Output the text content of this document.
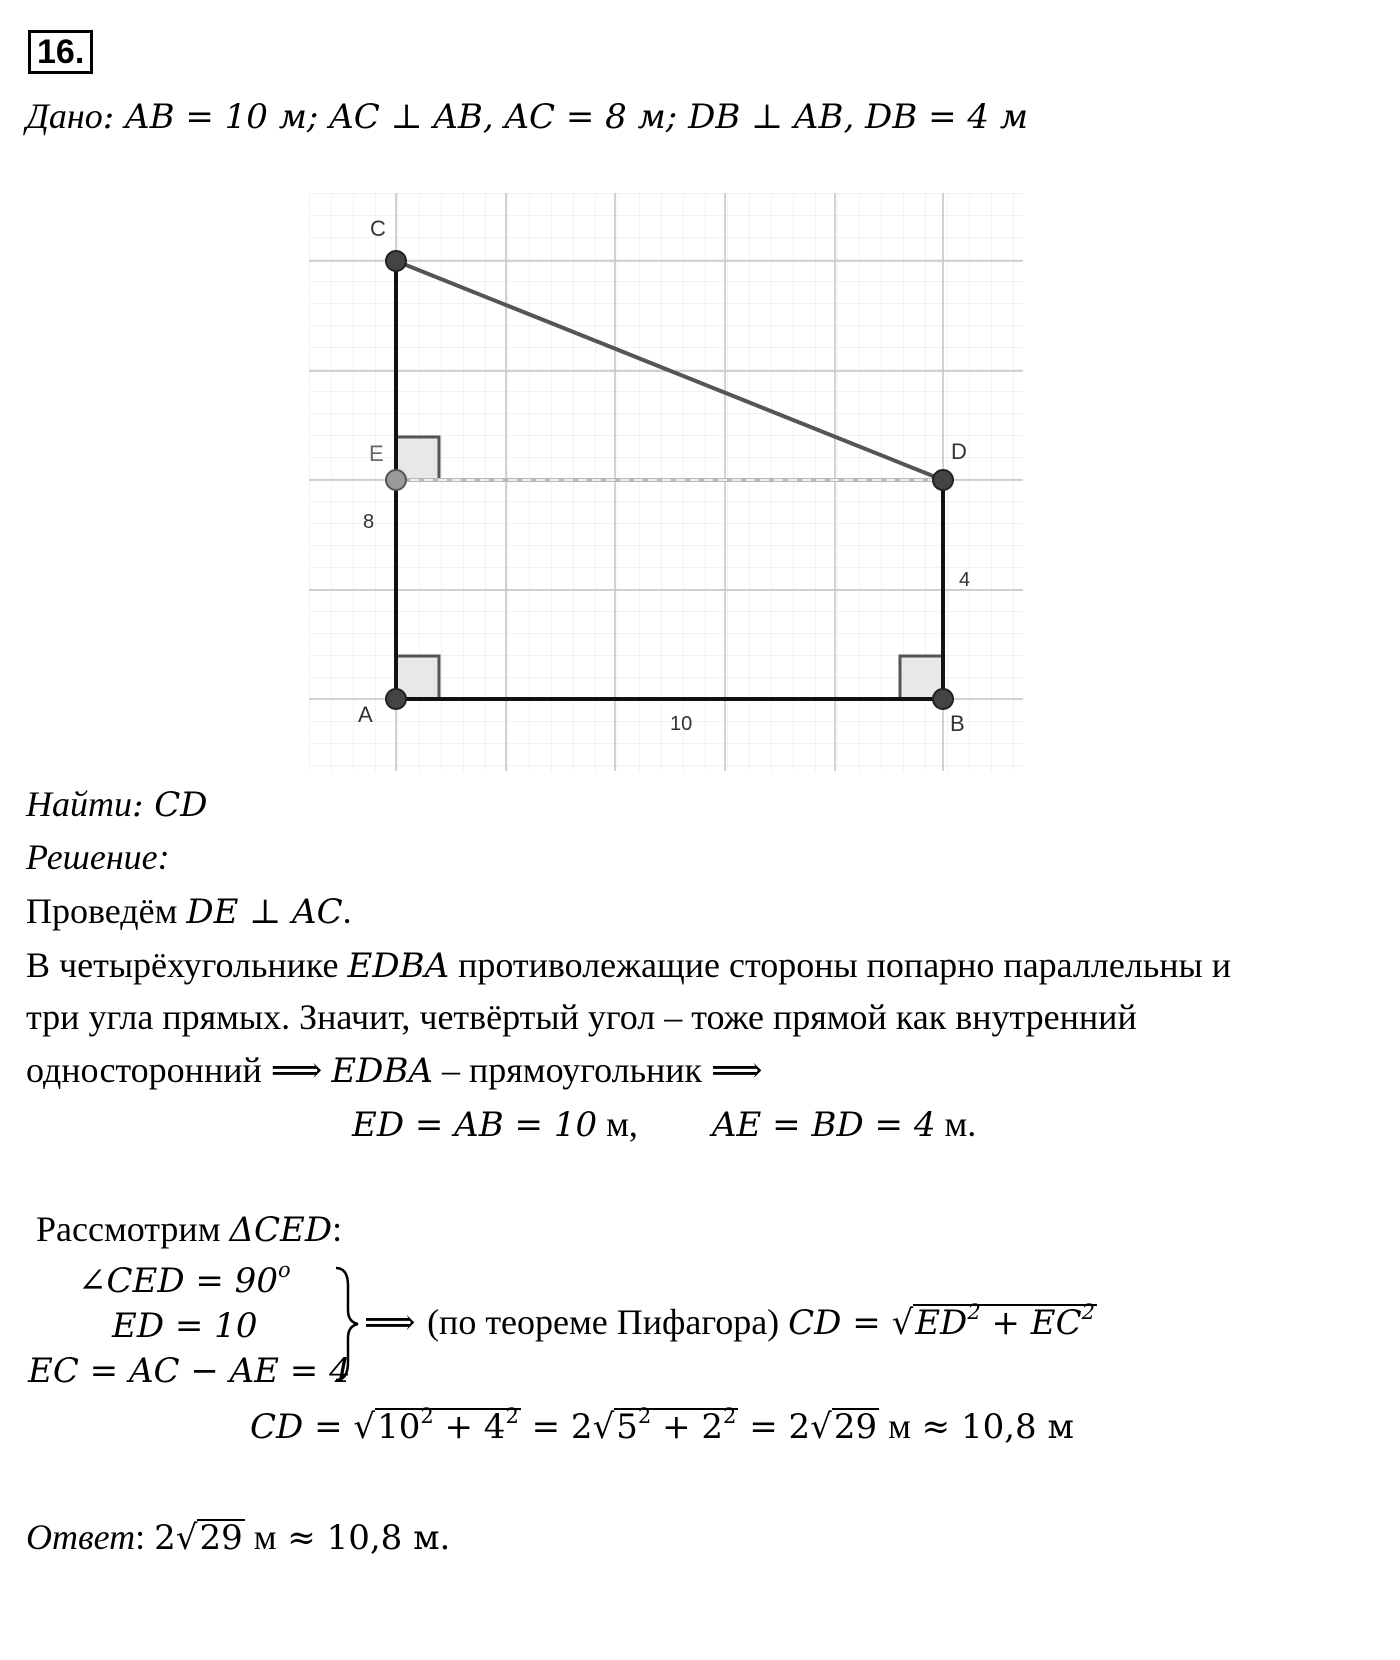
16.
Дано: AB = 10 м; AC ⊥ AB, AC = 8 м; DB ⊥ AB, DB = 4 м
C
E	D
A	B
8
4
10
Найти: CD
Решение:
Проведём DE ⊥ AC.
В четырёхугольнике EDBA противолежащие стороны попарно параллельны и
три угла прямых. Значит, четвёртый угол – тоже прямой как внутренний
односторонний ⟹ EDBA – прямоугольник ⟹
ED = AB = 10 м, AE = BD = 4 м.
Рассмотрим ΔCED:
∠CED = $90^o$
ED = 10
EC = AC − AE = 4
⟹ (по теореме Пифагора) CD = $√ED^2 + EC^2$
CD = $√10^2 + 4^2 = 2√5^2 + 2^2 = 2√29$ м ≈ 10,8 м
Ответ: 2√29 м ≈ 10,8 м.
